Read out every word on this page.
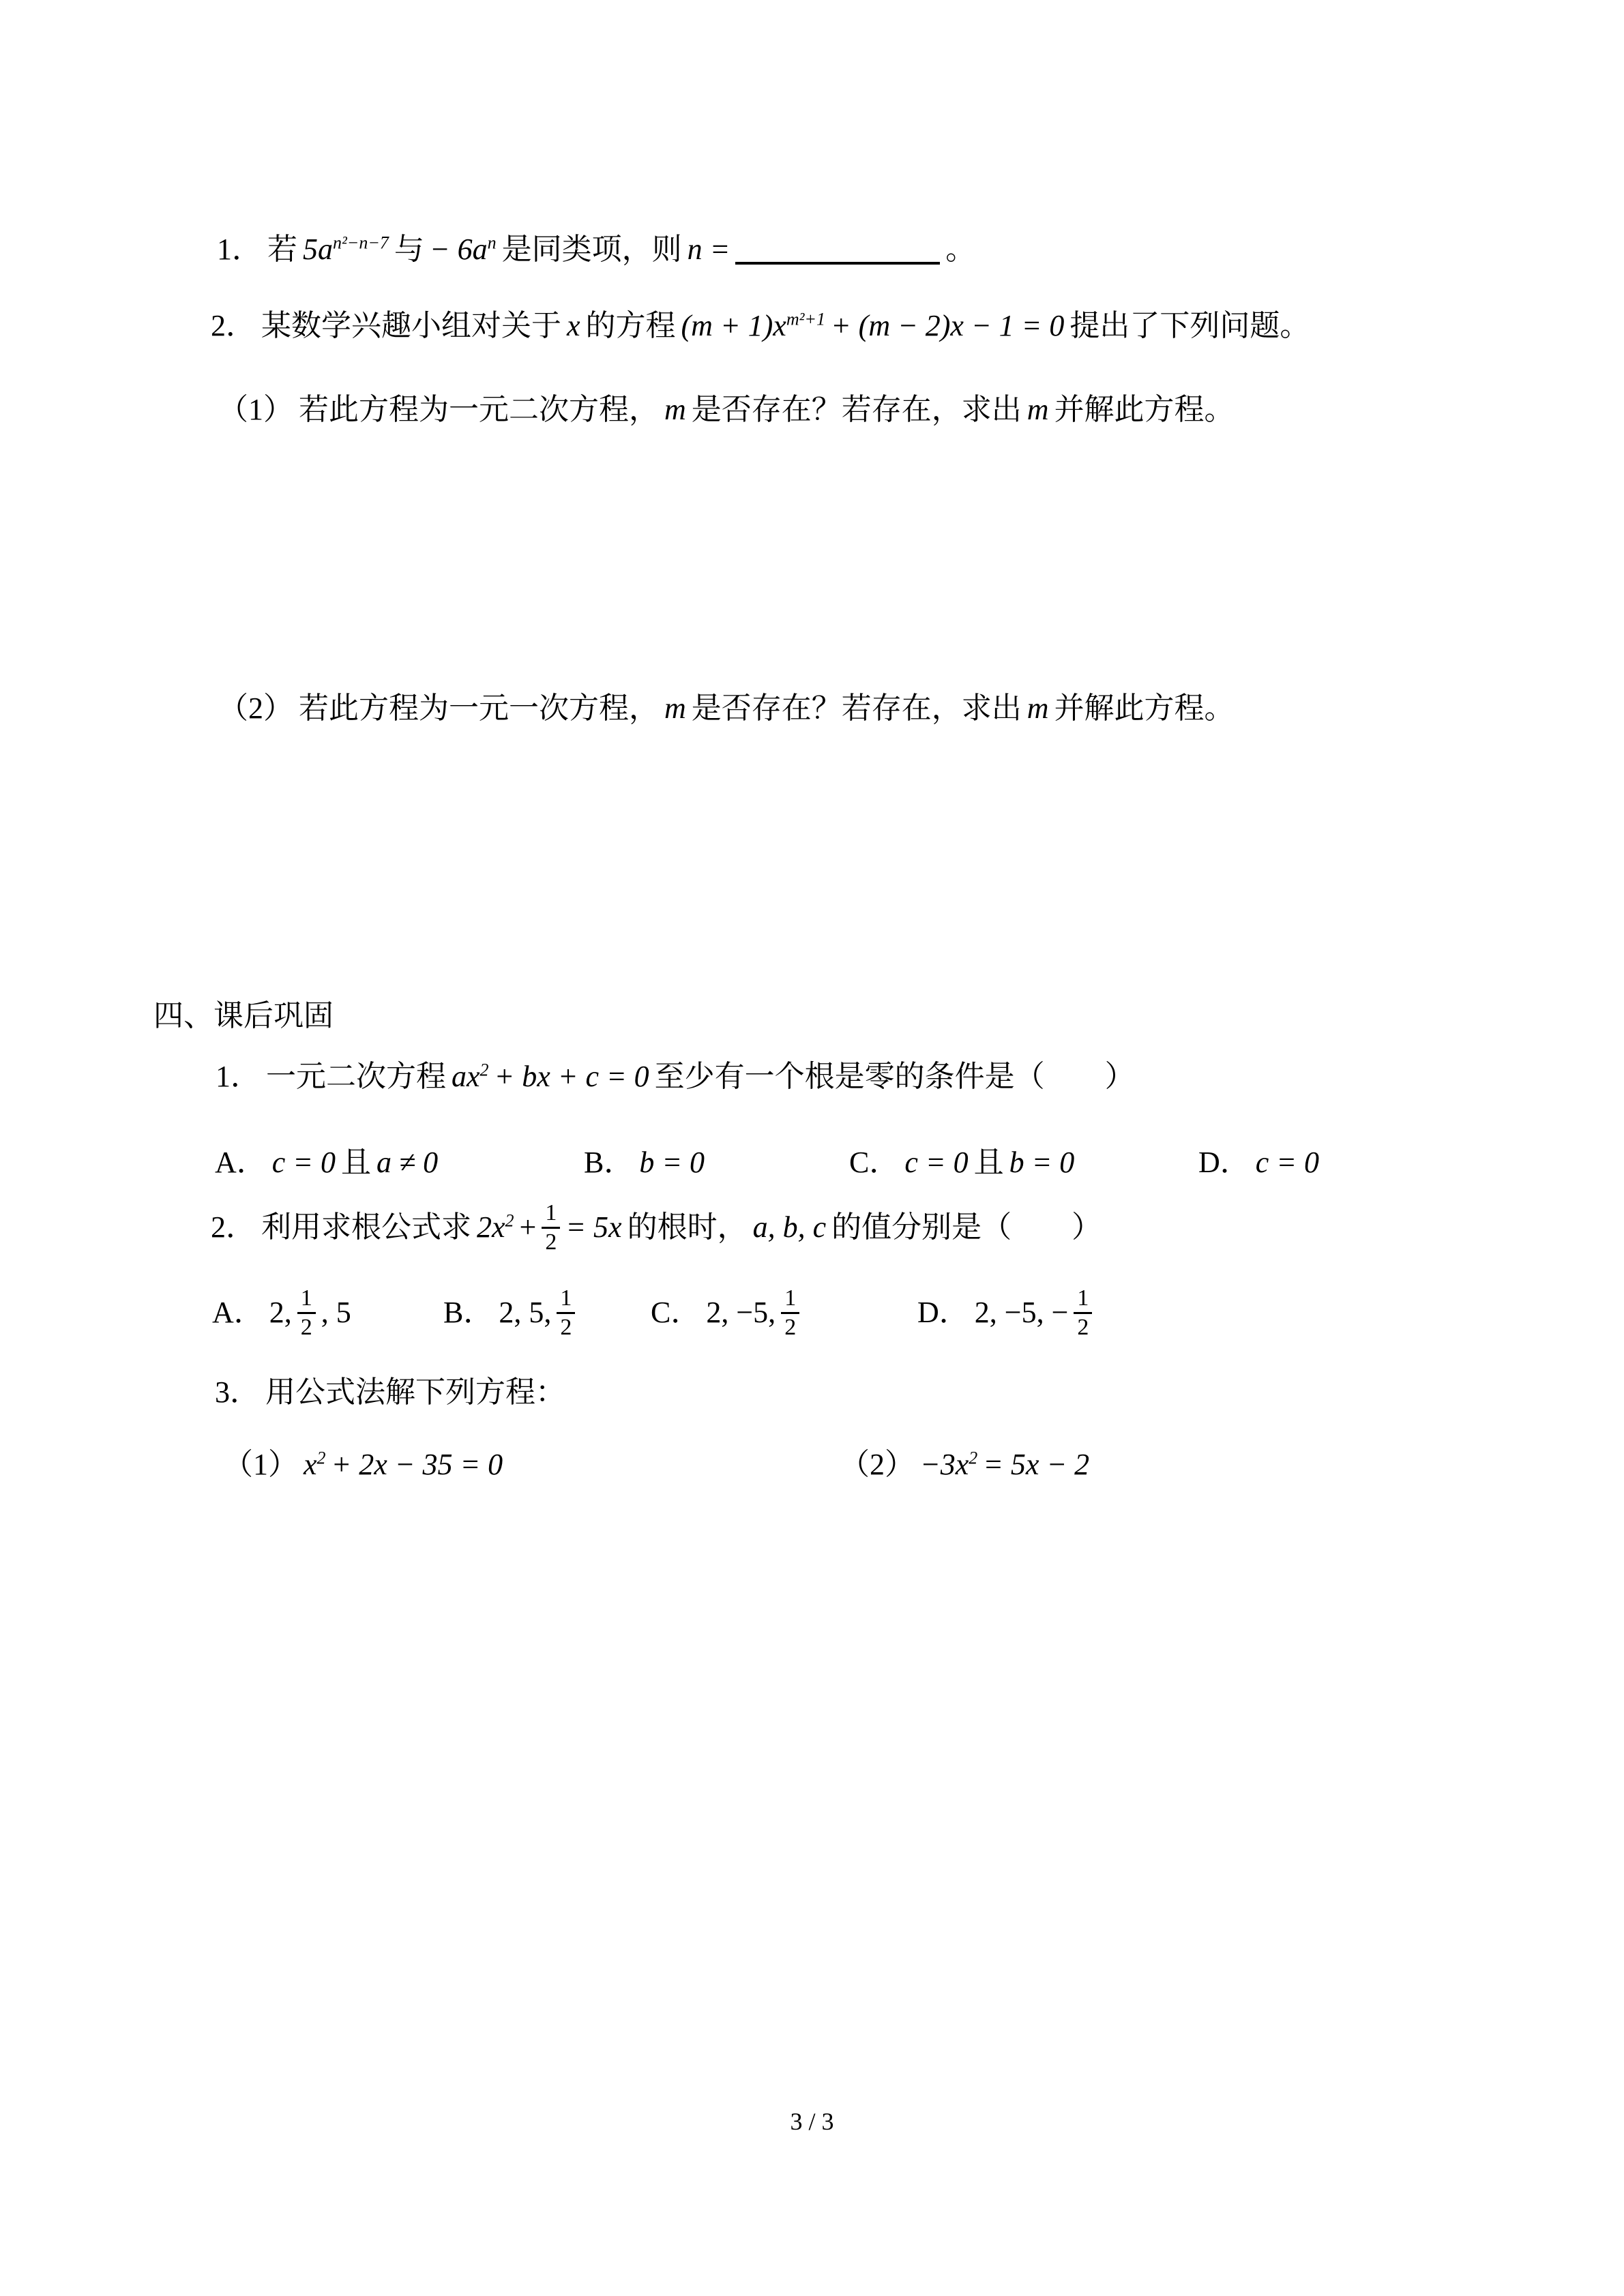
1． 若 $5a^{n^2-n-7}$ 与 − $6a^n$ 是同类项，则 n =	。
2． 某数学兴趣小组对关于 x 的方程 $(m + 1)x^{m^2+1} + (m - 2)x - 1 = 0$ 提出了下列问题。
（1） 若此方程为一元二次方程， m 是否存在？若存在，求出 m 并解此方程。
（2） 若此方程为一元一次方程， m 是否存在？若存在，求出 m 并解此方程。
四、课后巩固
1． 一元二次方程 $ax^2$ + bx + c = 0 至少有一个根是零的条件是（　　）
A． c = 0 且 a ≠ 0	B． b = 0	C． c = 0 且 b = 0	D． c = 0
2． 利用求根公式求 $2x^2 + \frac{1}{2} = 5x$ 的根时， a, b, c 的值分别是（　　）
A． 2, $\frac{1}{2}$ , 5	B． 2, 5, $\frac{1}{2}$	C． 2, −5, $\frac{1}{2}$	D． 2, −5, − $\frac{1}{2}$
3． 用公式法解下列方程：
（1） $x^2 + 2x - 35 = 0$	$(2) -3x^2 = 5x - 2$
3 / 3
